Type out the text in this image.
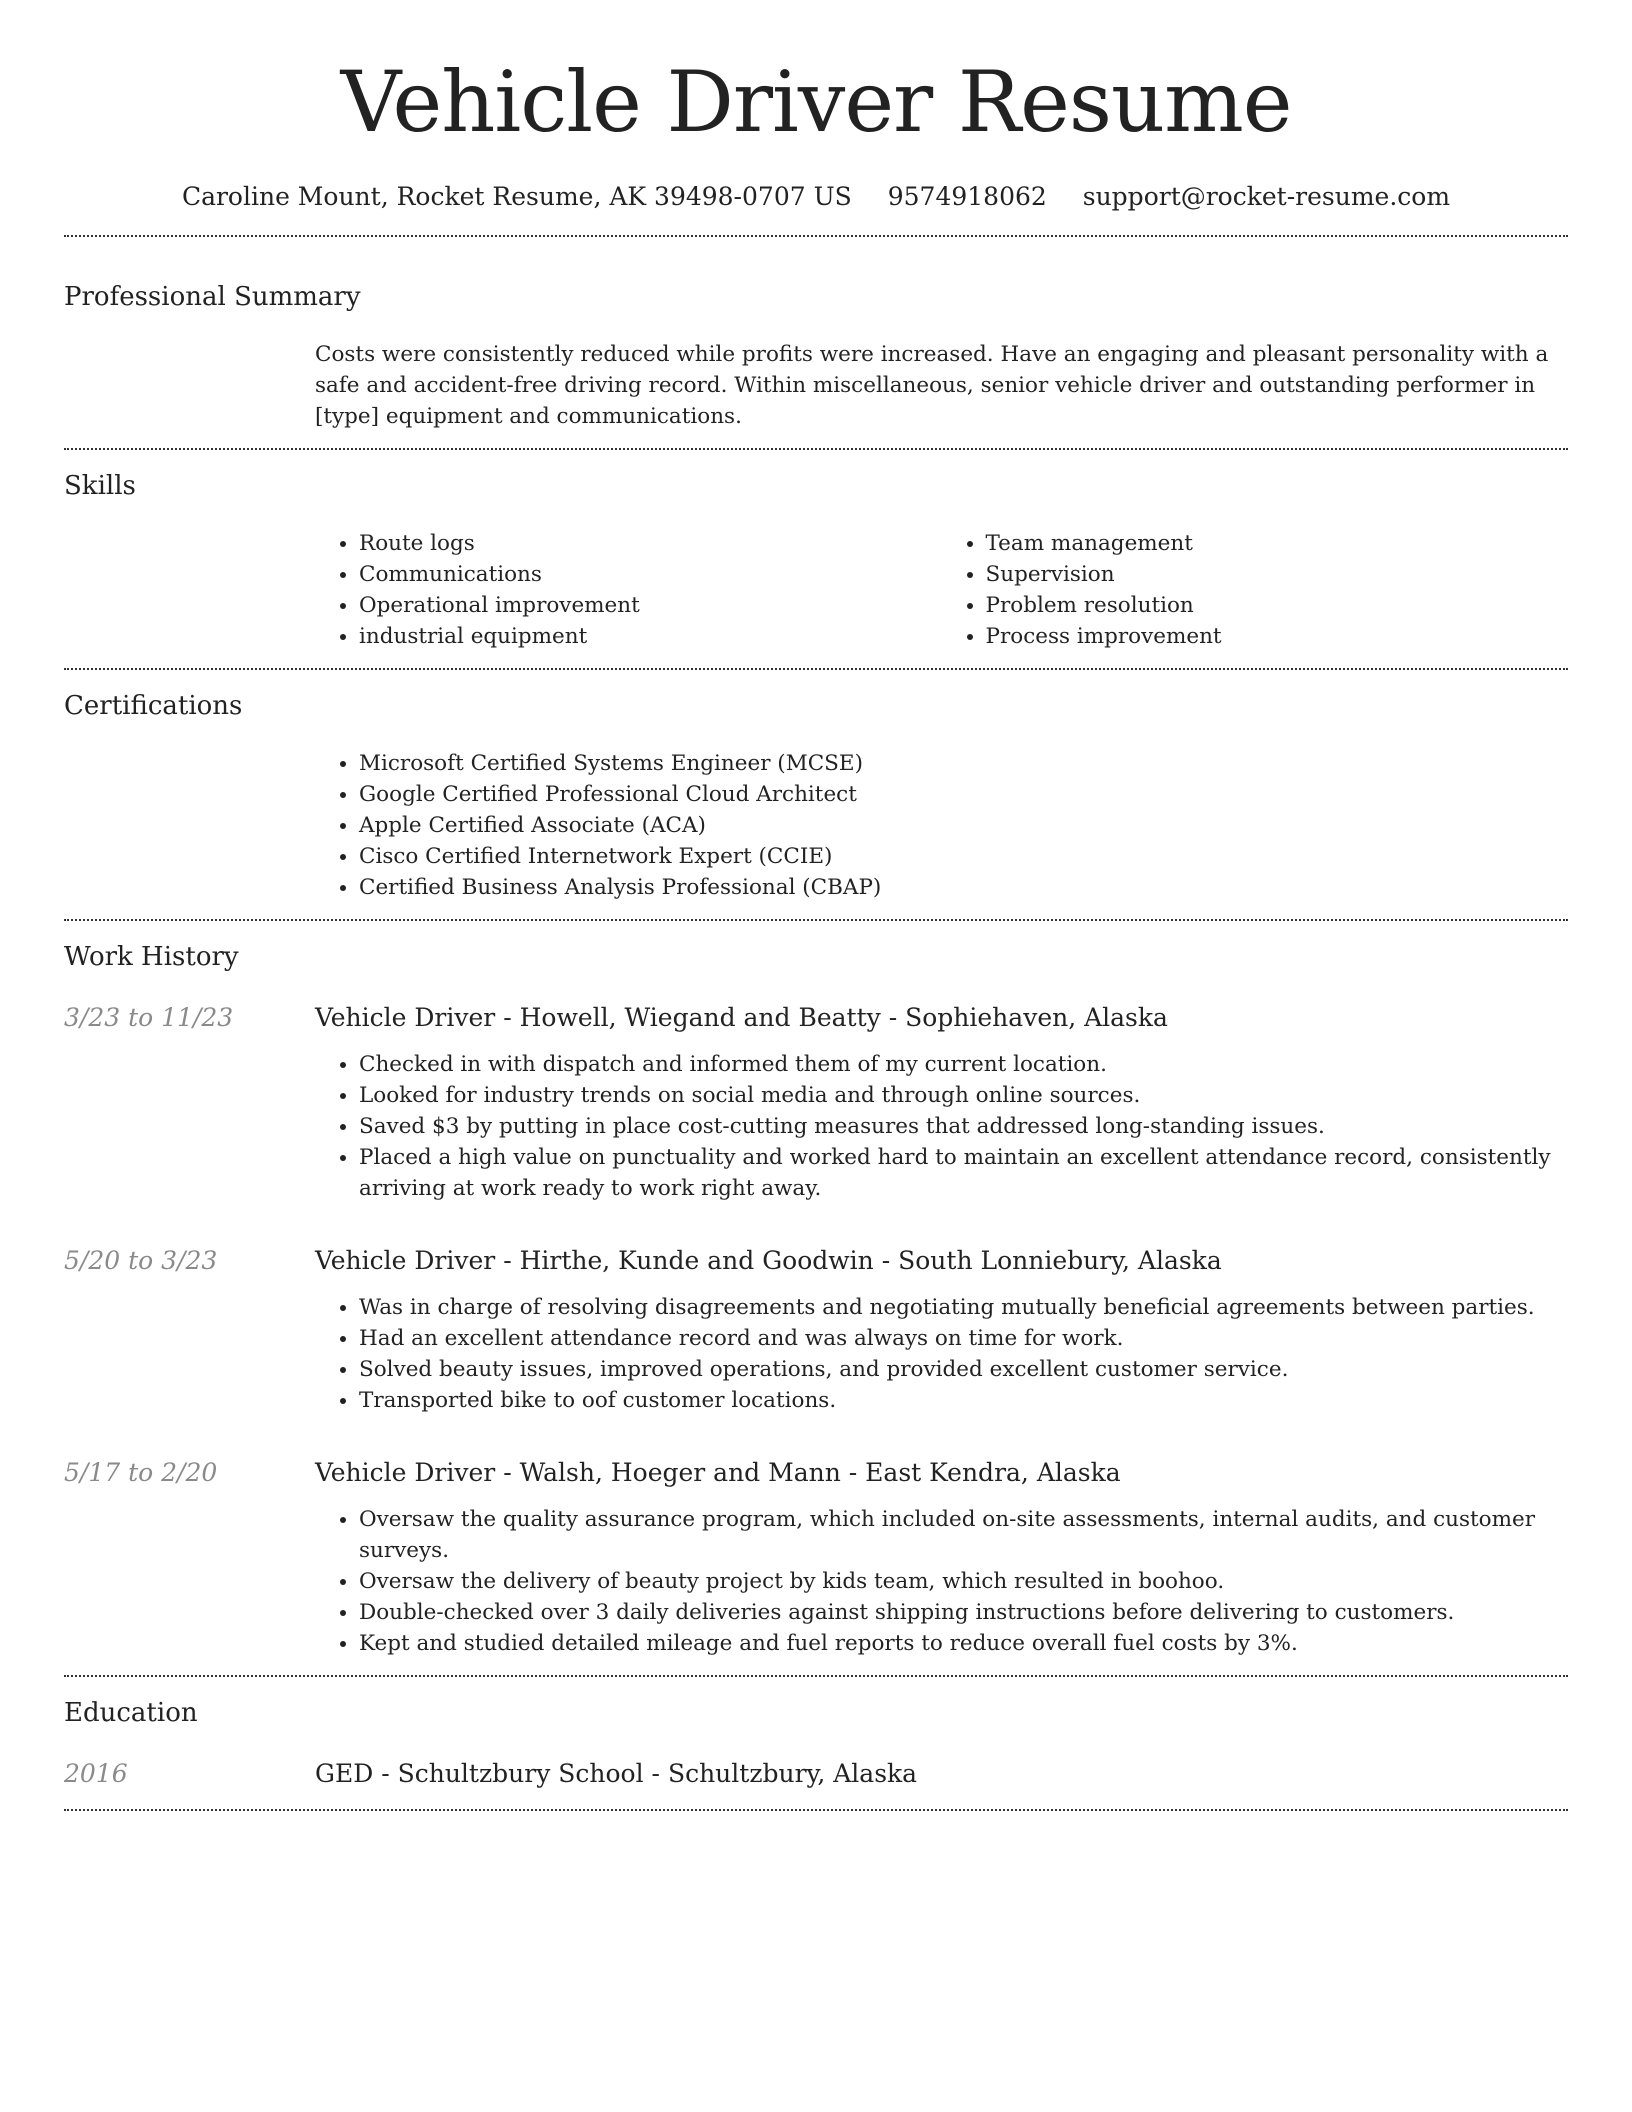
Vehicle Driver Resume
Caroline Mount, Rocket Resume, AK 39498-0707 US 9574918062 support@rocket-resume.com
Professional Summary

Costs were consistently reduced while profits were increased. Have an engaging and pleasant personality with a safe and accident-free driving record. Within miscellaneous, senior vehicle driver and outstanding performer in [type] equipment and communications.

Skills
• Route logs
• Communications
• Operational improvement
• industrial equipment
• Team management
• Supervision
• Problem resolution
• Process improvement
Certifications
• Microsoft Certified Systems Engineer (MCSE)
• Google Certified Professional Cloud Architect
• Apple Certified Associate (ACA)
• Cisco Certified Internetwork Expert (CCIE)
• Certified Business Analysis Professional (CBAP)
Work History
3/23 to 11/23	Vehicle Driver - Howell, Wiegand and Beatty - Sophiehaven, Alaska
• Checked in with dispatch and informed them of my current location.
• Looked for industry trends on social media and through online sources.
• Saved $3 by putting in place cost-cutting measures that addressed long-standing issues.
• Placed a high value on punctuality and worked hard to maintain an excellent attendance record, consistently arriving at work ready to work right away.
5/20 to 3/23	Vehicle Driver - Hirthe, Kunde and Goodwin - South Lonniebury, Alaska
• Was in charge of resolving disagreements and negotiating mutually beneficial agreements between parties.
• Had an excellent attendance record and was always on time for work.
• Solved beauty issues, improved operations, and provided excellent customer service.
• Transported bike to oof customer locations.
5/17 to 2/20	Vehicle Driver - Walsh, Hoeger and Mann - East Kendra, Alaska
• Oversaw the quality assurance program, which included on-site assessments, internal audits, and customer surveys.
• Oversaw the delivery of beauty project by kids team, which resulted in boohoo.
• Double-checked over 3 daily deliveries against shipping instructions before delivering to customers.
• Kept and studied detailed mileage and fuel reports to reduce overall fuel costs by 3%.
Education
2016	GED - Schultzbury School - Schultzbury, Alaska
